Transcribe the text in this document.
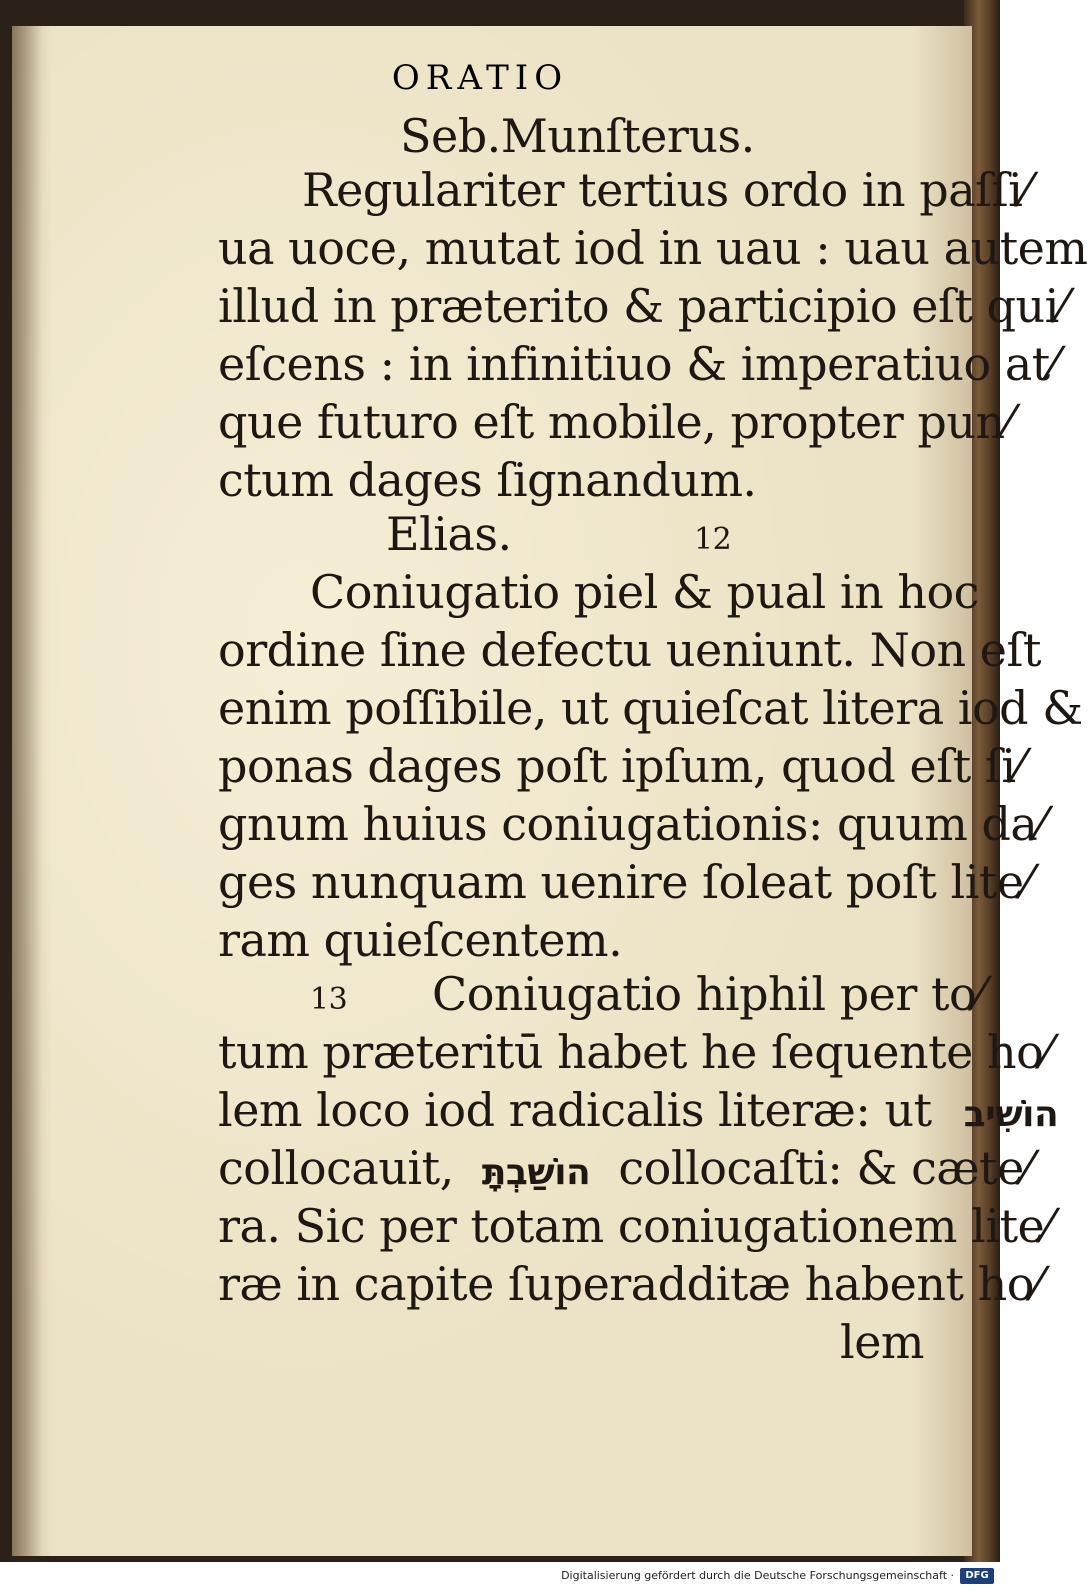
ORATIO
Seb.Munſterus.
Regulariter tertius ordo in paſſi⁄
ua uoce, mutat iod in uau : uau autem
illud in præterito & participio eſt qui⁄
eſcens : in infinitiuo & imperatiuo at⁄
que futuro eſt mobile, propter pun⁄
ctum dages ſignandum.
Elias.	12
Coniugatio piel & pual in hoc
ordine ſine defectu ueniunt. Non eſt
enim poſſibile, ut quieſcat litera iod &
ponas dages poſt ipſum, quod eſt ſi⁄
gnum huius coniugationis: quum da⁄
ges nunquam uenire ſoleat poſt lite⁄
ram quieſcentem.
13 Coniugatio hiphil per to⁄
tum præteritū habet he ſequente ho⁄
lem loco iod radicalis literæ: ut הוֹשִׁיב
collocauit, הוֹשַׁבְתָּ collocaſti: & cæte⁄
ra. Sic per totam coniugationem lite⁄
ræ in capite ſuperadditæ habent ho⁄
lem
Digitalisierung gefördert durch die Deutsche Forschungsgemeinschaft ·	DFG
